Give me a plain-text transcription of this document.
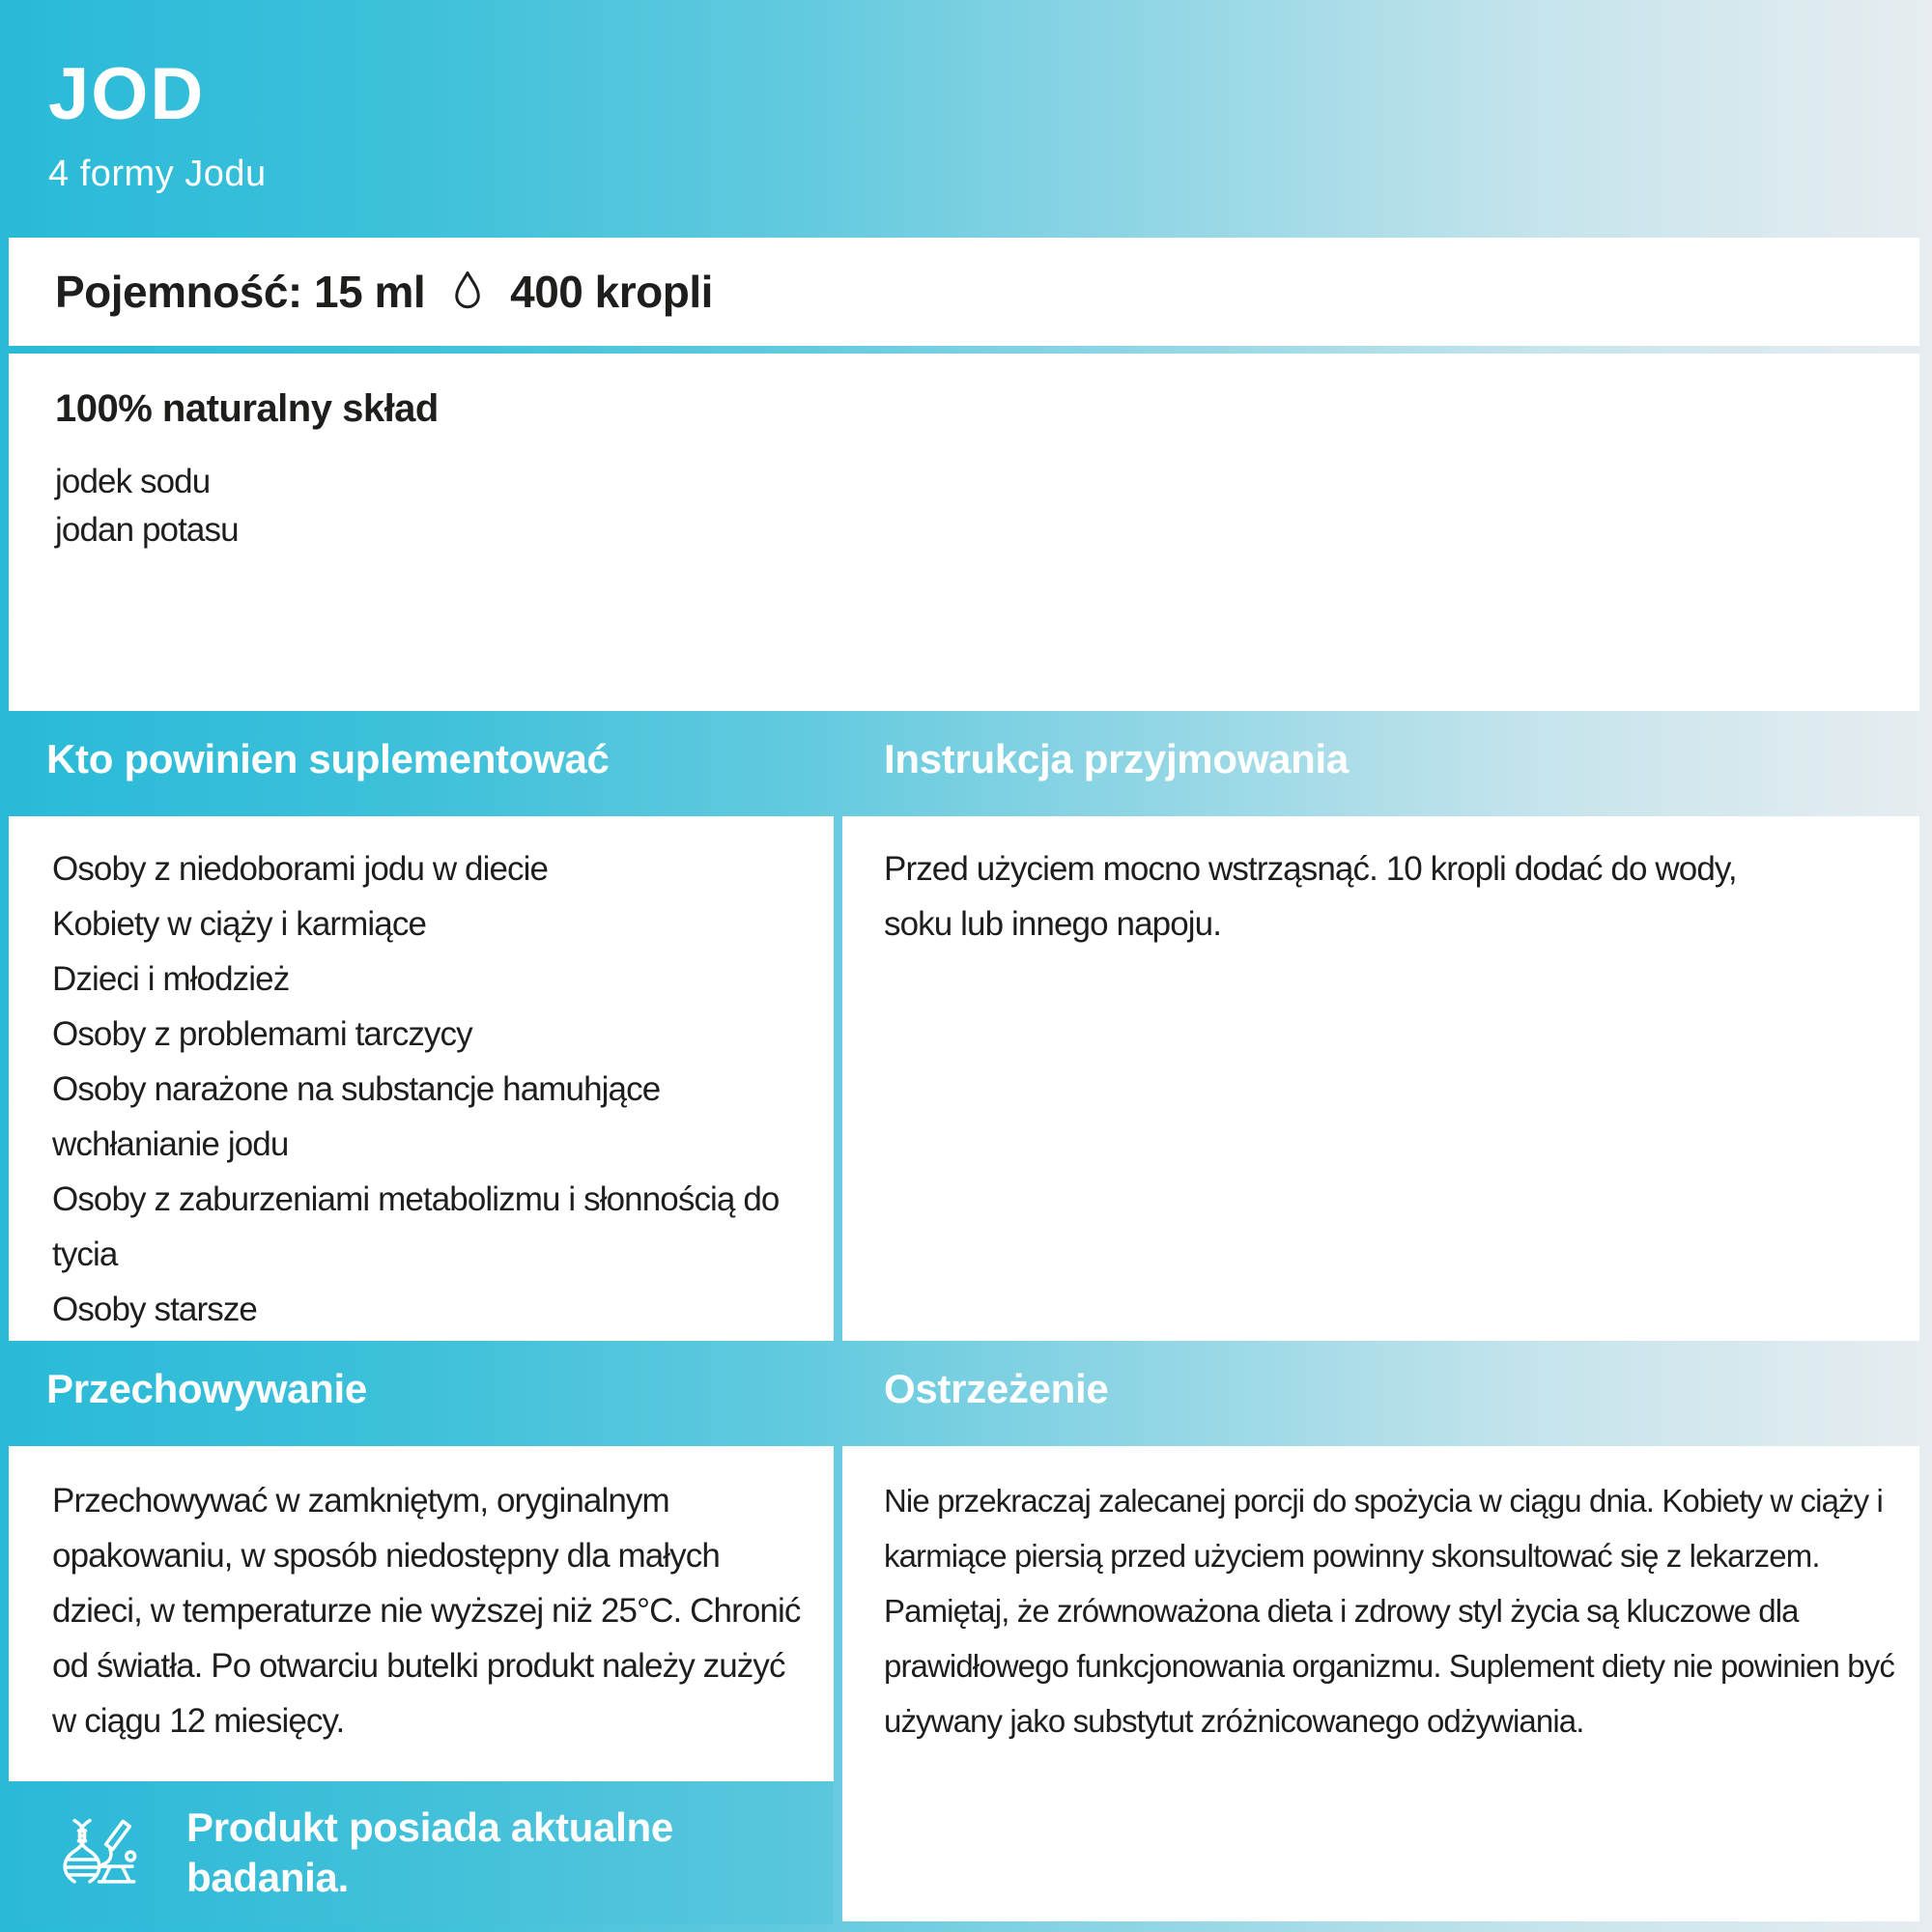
JOD
4 formy Jodu
Pojemność: 15 ml 400 kropli
100% naturalny skład

jodek sodu

jodan potasu

Kto powinien suplementować	Instrukcja przyjmowania
Osoby z niedoborami jodu w diecie
Kobiety w ciąży i karmiące
Dzieci i młodzież
Osoby z problemami tarczycy
Osoby narażone na substancje hamuhjące wchłanianie jodu
Osoby z zaburzeniami metabolizmu i słonnością do tycia
Osoby starsze

Przed użyciem mocno wstrząsnąć. 10 kropli dodać do wody, soku lub innego napoju.

Przechowywanie	Ostrzeżenie

Przechowywać w zamkniętym, oryginalnym opakowaniu, w sposób niedostępny dla małych dzieci, w temperaturze nie wyższej niż 25°C. Chronić od światła. Po otwarciu butelki produkt należy zużyć w ciągu 12 miesięcy.

Produkt posiada aktualne badania.

Nie przekraczaj zalecanej porcji do spożycia w ciągu dnia. Kobiety w ciąży i karmiące piersią przed użyciem powinny skonsultować się z lekarzem. Pamiętaj, że zrównoważona dieta i zdrowy styl życia są kluczowe dla prawidłowego funkcjonowania organizmu. Suplement diety nie powinien być używany jako substytut zróżnicowanego odżywiania.
